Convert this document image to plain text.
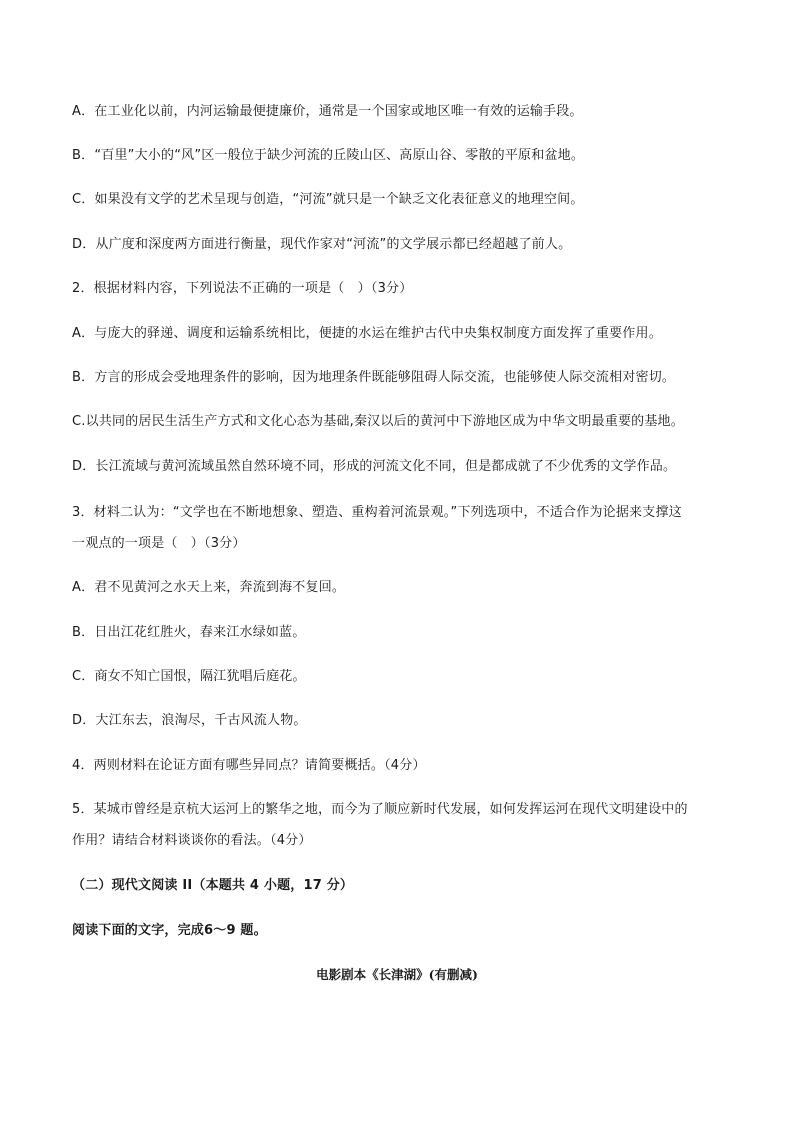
A．在工业化以前，内河运输最便捷廉价，通常是一个国家或地区唯一有效的运输手段。
B．“百里”大小的“风”区一般位于缺少河流的丘陵山区、高原山谷、零散的平原和盆地。
C．如果没有文学的艺术呈现与创造，“河流”就只是一个缺乏文化表征意义的地理空间。
D．从广度和深度两方面进行衡量，现代作家对“河流”的文学展示都已经超越了前人。
2．根据材料内容，下列说法不正确的一项是（　）（3分）
A．与庞大的驿递、调度和运输系统相比，便捷的水运在维护古代中央集权制度方面发挥了重要作用。
B．方言的形成会受地理条件的影响，因为地理条件既能够阻碍人际交流，也能够使人际交流相对密切。
C.以共同的居民生活生产方式和文化心态为基础,秦汉以后的黄河中下游地区成为中华文明最重要的基地。
D．长江流域与黄河流域虽然自然环境不同，形成的河流文化不同，但是都成就了不少优秀的文学作品。
3．材料二认为：“文学也在不断地想象、塑造、重构着河流景观。”下列选项中，不适合作为论据来支撑这
一观点的一项是（　）（3分）
A．君不见黄河之水天上来，奔流到海不复回。
B．日出江花红胜火，春来江水绿如蓝。
C．商女不知亡国恨，隔江犹唱后庭花。
D．大江东去，浪淘尽，千古风流人物。
4．两则材料在论证方面有哪些异同点？请简要概括。（4分）
5．某城市曾经是京杭大运河上的繁华之地，而今为了顺应新时代发展，如何发挥运河在现代文明建设中的
作用？请结合材料谈谈你的看法。（4分）
（二）现代文阅读 II（本题共 4 小题，17 分）
阅读下面的文字，完成6～9 题。
电影剧本《长津湖》(有删减)
